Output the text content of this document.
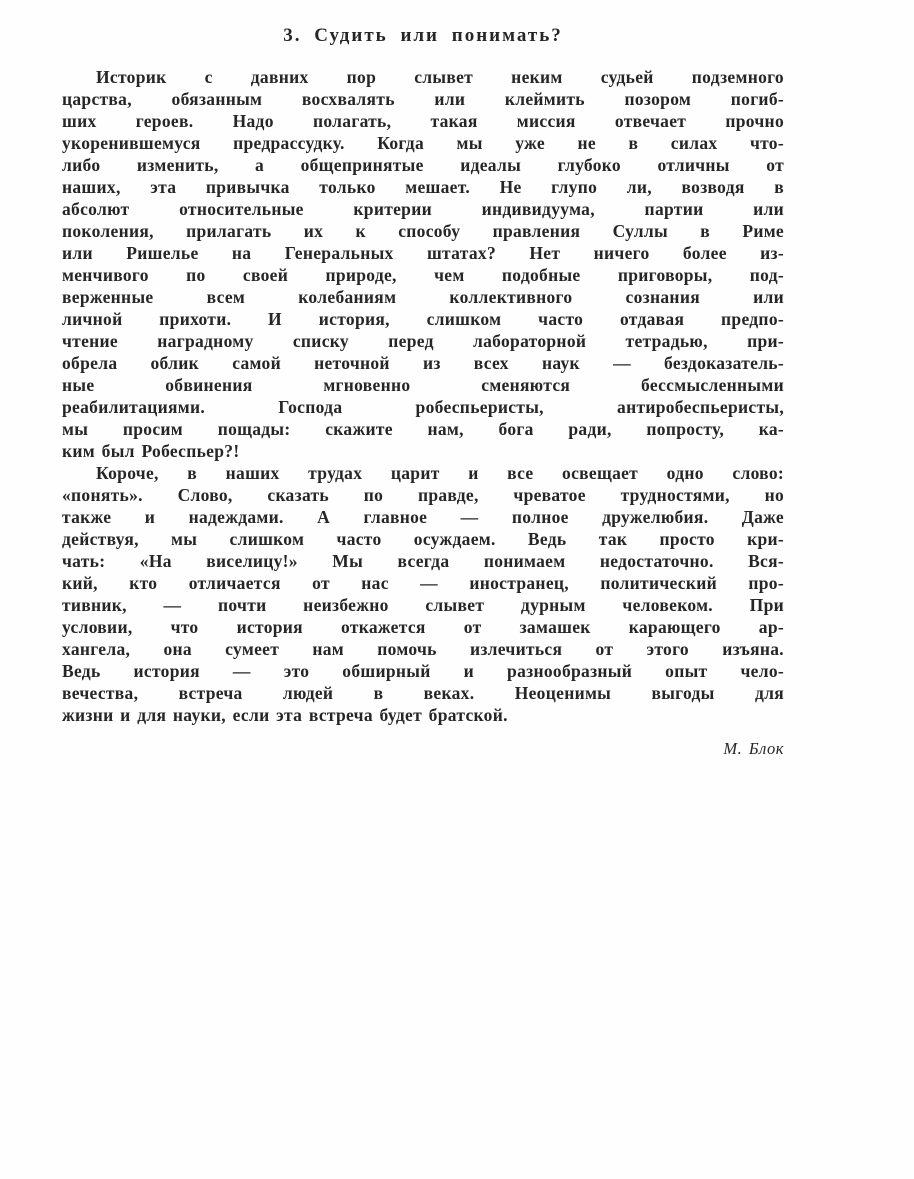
3. Судить или понимать?
Историк с давних пор слывет неким судьей подземного
царства, обязанным восхвалять или клеймить позором погиб-
ших героев. Надо полагать, такая миссия отвечает прочно
укоренившемуся предрассудку. Когда мы уже не в силах что-
либо изменить, а общепринятые идеалы глубоко отличны от
наших, эта привычка только мешает. Не глупо ли, возводя в
абсолют относительные критерии индивидуума, партии или
поколения, прилагать их к способу правления Суллы в Риме
или Ришелье на Генеральных штатах? Нет ничего более из-
менчивого по своей природе, чем подобные приговоры, под-
верженные всем колебаниям коллективного сознания или
личной прихоти. И история, слишком часто отдавая предпо-
чтение наградному списку перед лабораторной тетрадью, при-
обрела облик самой неточной из всех наук — бездоказатель-
ные обвинения мгновенно сменяются бессмысленными
реабилитациями. Господа робеспьеристы, антиробеспьеристы,
мы просим пощады: скажите нам, бога ради, попросту, ка-
ким был Робеспьер?!
Короче, в наших трудах царит и все освещает одно слово:
«понять». Слово, сказать по правде, чреватое трудностями, но
также и надеждами. А главное — полное дружелюбия. Даже
действуя, мы слишком часто осуждаем. Ведь так просто кри-
чать: «На виселицу!» Мы всегда понимаем недостаточно. Вся-
кий, кто отличается от нас — иностранец, политический про-
тивник, — почти неизбежно слывет дурным человеком. При
условии, что история откажется от замашек карающего ар-
хангела, она сумеет нам помочь излечиться от этого изъяна.
Ведь история — это обширный и разнообразный опыт чело-
вечества, встреча людей в веках. Неоценимы выгоды для
жизни и для науки, если эта встреча будет братской.
М. Блок
